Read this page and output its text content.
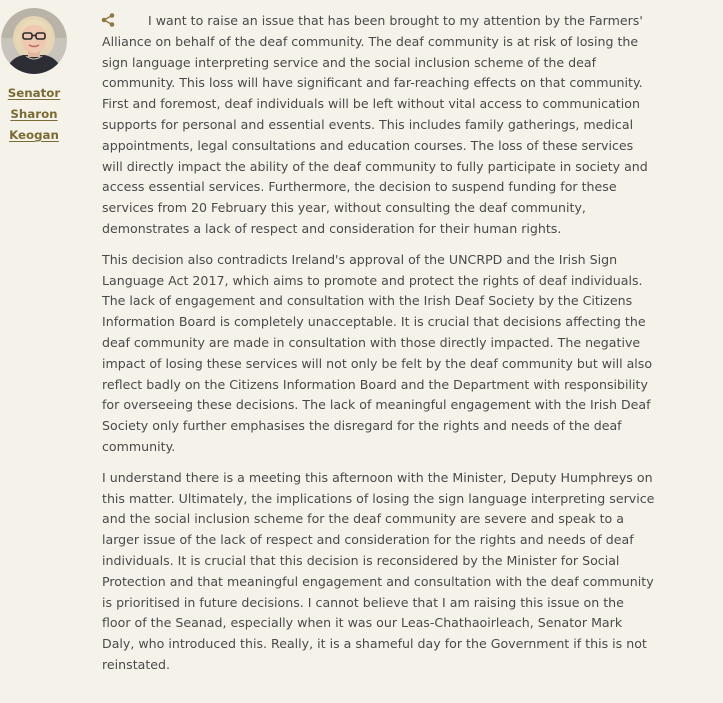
Senator
Sharon
Keogan

I want to raise an issue that has been brought to my attention by the Farmers' Alliance on behalf of the deaf community. The deaf community is at risk of losing the sign language interpreting service and the social inclusion scheme of the deaf community. This loss will have significant and far-reaching effects on that community. First and foremost, deaf individuals will be left without vital access to communication supports for personal and essential events. This includes family gatherings, medical appointments, legal consultations and education courses. The loss of these services will directly impact the ability of the deaf community to fully participate in society and access essential services. Furthermore, the decision to suspend funding for these services from 20 February this year, without consulting the deaf community, demonstrates a lack of respect and consideration for their human rights.

This decision also contradicts Ireland's approval of the UNCRPD and the Irish Sign Language Act 2017, which aims to promote and protect the rights of deaf individuals. The lack of engagement and consultation with the Irish Deaf Society by the Citizens Information Board is completely unacceptable. It is crucial that decisions affecting the deaf community are made in consultation with those directly impacted. The negative impact of losing these services will not only be felt by the deaf community but will also reflect badly on the Citizens Information Board and the Department with responsibility for overseeing these decisions. The lack of meaningful engagement with the Irish Deaf Society only further emphasises the disregard for the rights and needs of the deaf community.

I understand there is a meeting this afternoon with the Minister, Deputy Humphreys on this matter. Ultimately, the implications of losing the sign language interpreting service and the social inclusion scheme for the deaf community are severe and speak to a larger issue of the lack of respect and consideration for the rights and needs of deaf individuals. It is crucial that this decision is reconsidered by the Minister for Social Protection and that meaningful engagement and consultation with the deaf community is prioritised in future decisions. I cannot believe that I am raising this issue on the floor of the Seanad, especially when it was our Leas-Chathaoirleach, Senator Mark Daly, who introduced this. Really, it is a shameful day for the Government if this is not reinstated.
